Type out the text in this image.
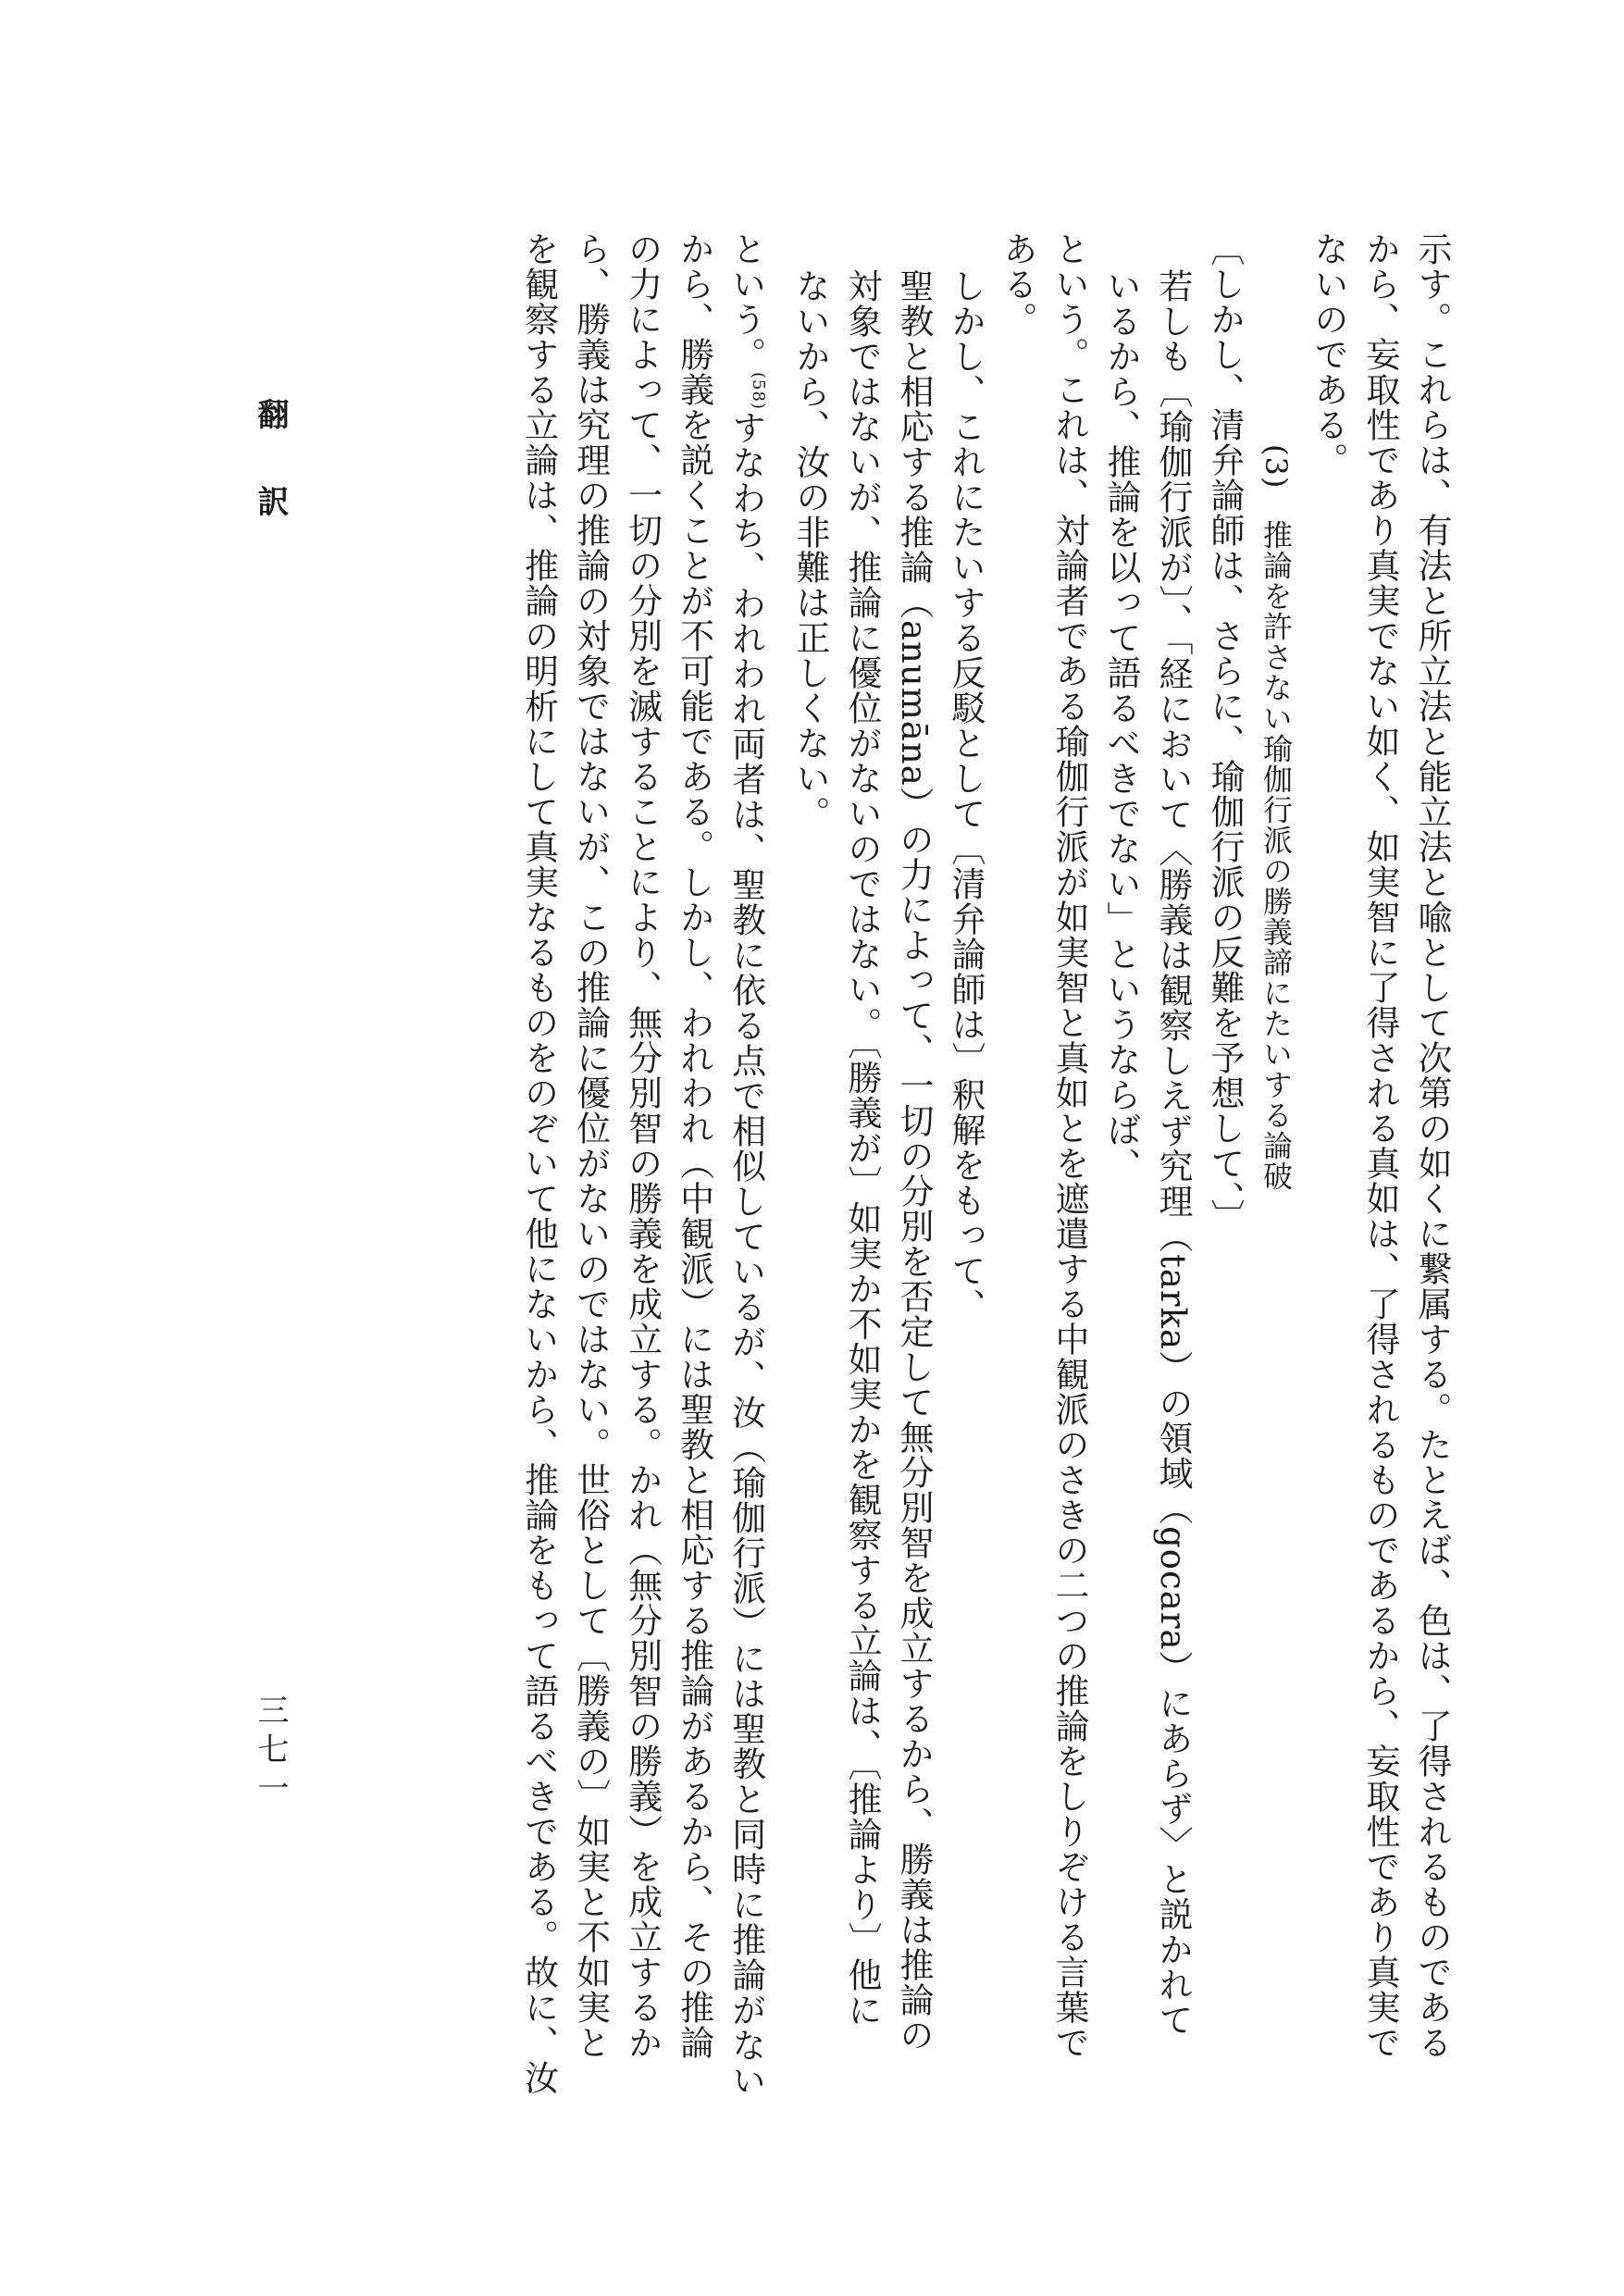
示す。これらは、有法と所立法と能立法と喩として次第の如くに繋属する。たとえば、色は、了得されるものである
から、妄取性であり真実でない如く、如実智に了得される真如は、了得されるものであるから、妄取性であり真実で
ないのである。
(3)　推論を許さない瑜伽行派の勝義諦にたいする論破
〔しかし、清弁論師は、さらに、瑜伽行派の反難を予想して、〕
若しも〔瑜伽行派が〕、「経において〈勝義は観察しえず究理（tarka）の領域（gocara）にあらず〉と説かれて
いるから、推論を以って語るべきでない」というならば、
という。これは、対論者である瑜伽行派が如実智と真如とを遮遣する中観派のさきの二つの推論をしりぞける言葉で
ある。
しかし、これにたいする反駁として〔清弁論師は〕釈解をもって、
聖教と相応する推論（anumāna）の力によって、一切の分別を否定して無分別智を成立するから、勝義は推論の
対象ではないが、推論に優位がないのではない。〔勝義が〕如実か不如実かを観察する立論は、〔推論より〕他に
ないから、汝の非難は正しくない。
という。$^{(58)}$すなわち、われわれ両者は、聖教に依る点で相似しているが、汝（瑜伽行派）には聖教と同時に推論がない
から、勝義を説くことが不可能である。しかし、われわれ（中観派）には聖教と相応する推論があるから、その推論
の力によって、一切の分別を滅することにより、無分別智の勝義を成立する。かれ（無分別智の勝義）を成立するか
ら、勝義は究理の推論の対象ではないが、この推論に優位がないのではない。世俗として〔勝義の〕如実と不如実と
を観察する立論は、推論の明析にして真実なるものをのぞいて他にないから、推論をもって語るべきである。故に、汝
翻訳
三七一
